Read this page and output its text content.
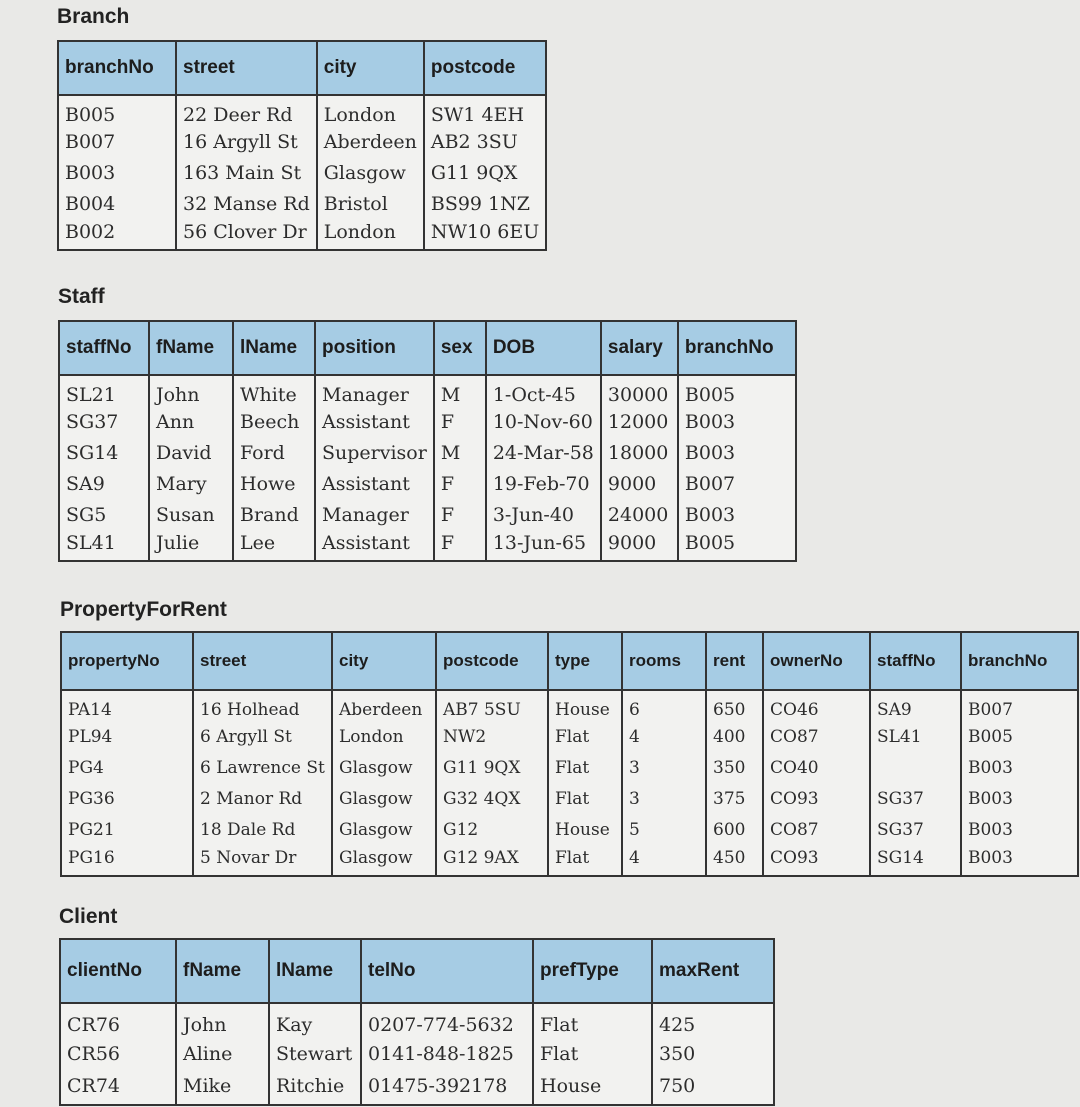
Branch
branchNo	street	city	postcode
B005	22 Deer Rd	London	SW1 4EH
B007	16 Argyll St	Aberdeen	AB2 3SU
B003	163 Main St	Glasgow	G11 9QX
B004	32 Manse Rd	Bristol	BS99 1NZ
B002	56 Clover Dr	London	NW10 6EU
Staff
staffNo	fName	lName	position	sex	DOB	salary	branchNo
SL21	John	White	Manager	M	1-Oct-45	30000	B005
SG37	Ann	Beech	Assistant	F	10-Nov-60	12000	B003
SG14	David	Ford	Supervisor	M	24-Mar-58	18000	B003
SA9	Mary	Howe	Assistant	F	19-Feb-70	9000	B007
SG5	Susan	Brand	Manager	F	3-Jun-40	24000	B003
SL41	Julie	Lee	Assistant	F	13-Jun-65	9000	B005
PropertyForRent
propertyNo	street	city	postcode	type	rooms	rent	ownerNo	staffNo	branchNo
PA14	16 Holhead	Aberdeen	AB7 5SU	House	6	650	CO46	SA9	B007
PL94	6 Argyll St	London	NW2	Flat	4	400	CO87	SL41	B005
PG4	6 Lawrence St	Glasgow	G11 9QX	Flat	3	350	CO40		B003
PG36	2 Manor Rd	Glasgow	G32 4QX	Flat	3	375	CO93	SG37	B003
PG21	18 Dale Rd	Glasgow	G12	House	5	600	CO87	SG37	B003
PG16	5 Novar Dr	Glasgow	G12 9AX	Flat	4	450	CO93	SG14	B003
Client
clientNo	fName	lName	telNo	prefType	maxRent
CR76	John	Kay	0207-774-5632	Flat	425
CR56	Aline	Stewart	0141-848-1825	Flat	350
CR74	Mike	Ritchie	01475-392178	House	750
